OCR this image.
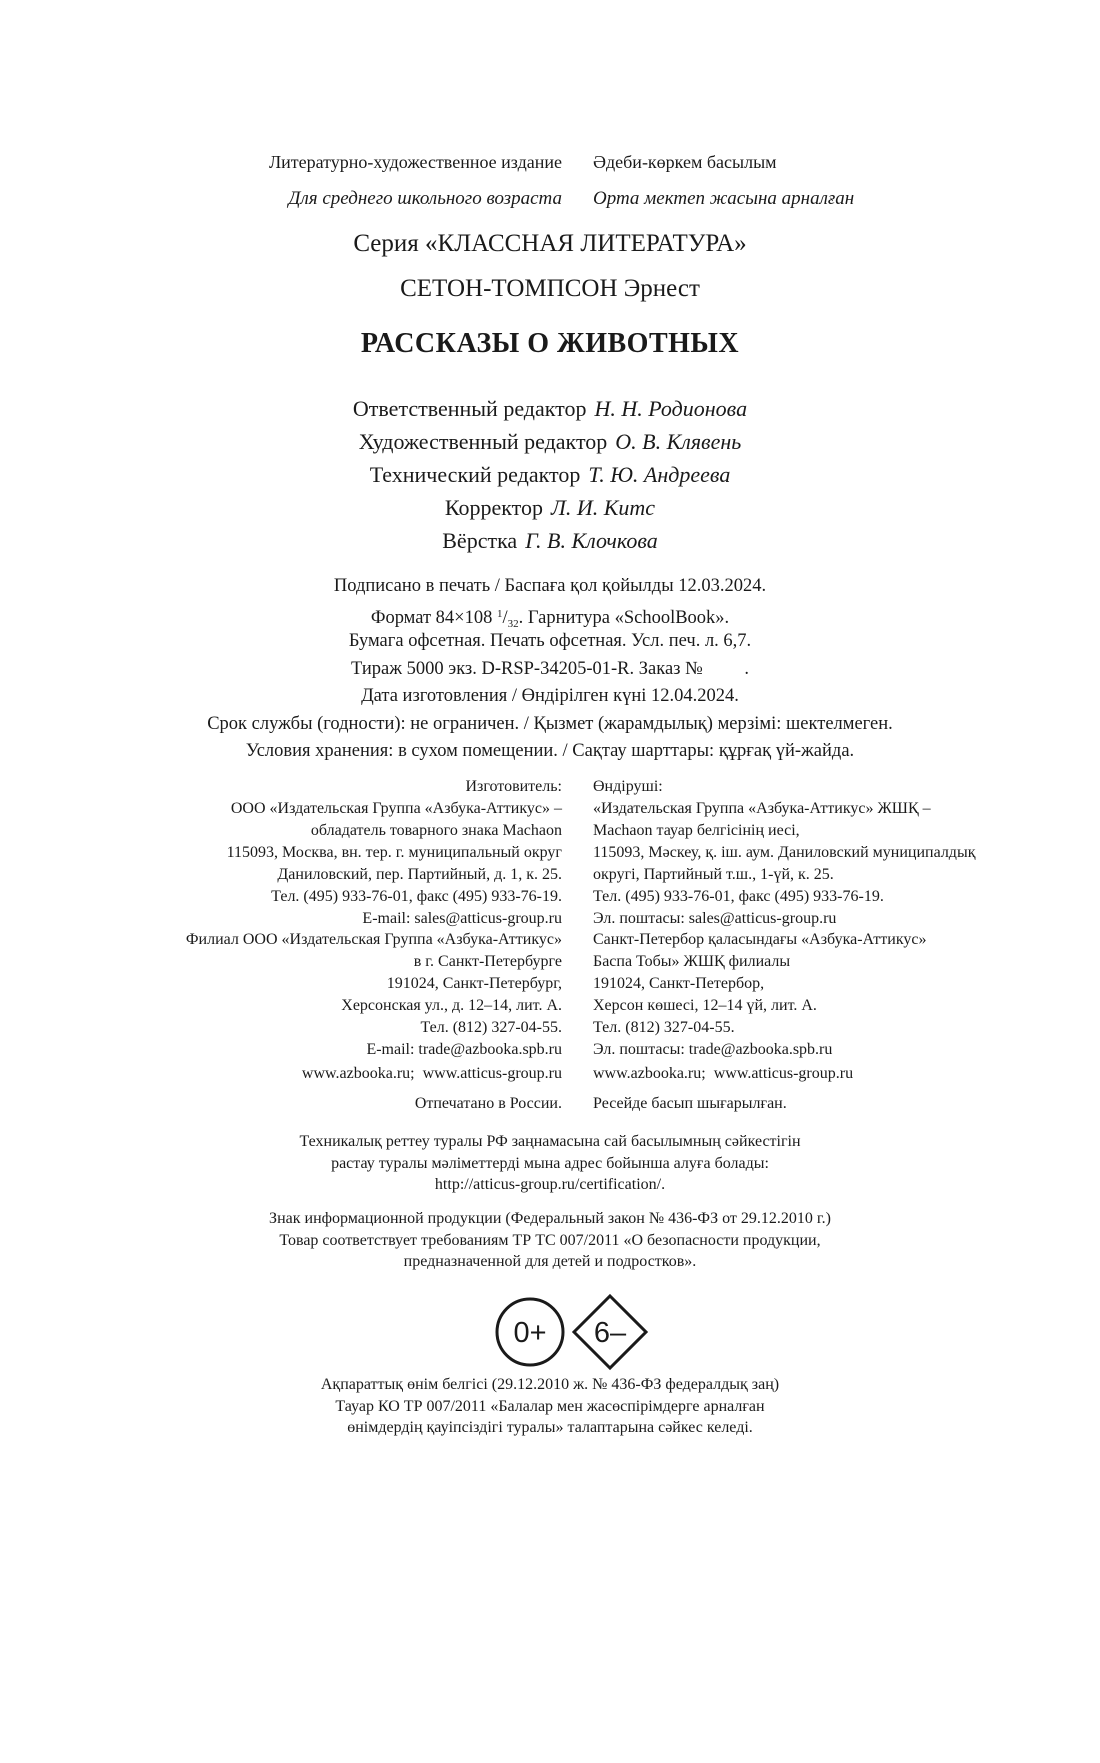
Литературно-художественное издание Әдеби-көркем басылым
Для среднего школьного возраста Орта мектеп жасына арналған
Серия «КЛАССНАЯ ЛИТЕРАТУРА»
СЕТОН-ТОМПСОН Эрнест
РАССКАЗЫ О ЖИВОТНЫХ
Ответственный редактор Н. Н. Родионова
Художественный редактор О. В. Клявень
Технический редактор Т. Ю. Андреева
Корректор Л. И. Китс
Вёрстка Г. В. Клочкова
Подписано в печать / Баспаға қол қойылды 12.03.2024.
Формат 84×108 $^1/_{32}$. Гарнитура «SchoolBook».
Бумага офсетная. Печать офсетная. Усл. печ. л. 6,7.
Тираж 5000 экз. D-RSP-34205-01-R. Заказ №         .
Дата изготовления / Өндірілген күні 12.04.2024.
Срок службы (годности): не ограничен. / Қызмет (жарамдылық) мерзімі: шектелмеген.
Условия хранения: в сухом помещении. / Сақтау шарттары: құрғақ үй-жайда.
Изготовитель:
ООО «Издательская Группа «Азбука-Аттикус» –
обладатель товарного знака Machaon
115093, Москва, вн. тер. г. муниципальный округ
Даниловский, пер. Партийный, д. 1, к. 25.
Тел. (495) 933-76-01, факс (495) 933-76-19.
E-mail: sales@atticus-group.ru
Өндіруші:
«Издательская Группа «Азбука-Аттикус» ЖШҚ –
Machaon тауар белгісінің иесі,
115093, Мәскеу, қ. іш. аум. Даниловский муниципалдық
округі, Партийный т.ш., 1-үй, к. 25.
Тел. (495) 933-76-01, факс (495) 933-76-19.
Эл. поштасы: sales@atticus-group.ru
Филиал ООО «Издательская Группа «Азбука-Аттикус»
в г. Санкт-Петербурге
191024, Санкт-Петербург,
Херсонская ул., д. 12–14, лит. А.
Тел. (812) 327-04-55.
E-mail: trade@azbooka.spb.ru
Санкт-Петербор қаласындағы «Азбука-Аттикус»
Баспа Тобы» ЖШҚ филиалы
191024, Санкт-Петербор,
Херсон көшесі, 12–14 үй, лит. А.
Тел. (812) 327-04-55.
Эл. поштасы: trade@azbooka.spb.ru
www.azbooka.ru;  www.atticus-group.ru www.azbooka.ru;  www.atticus-group.ru
Отпечатано в России. Ресейде басып шығарылған.
Техникалық реттеу туралы РФ заңнамасына сай басылымның сәйкестігін
растау туралы мәліметтерді мына адрес бойынша алуға болады:
http://atticus-group.ru/certification/.
Знак информационной продукции (Федеральный закон № 436-ФЗ от 29.12.2010 г.)
Товар соответствует требованиям ТР ТС 007/2011 «О безопасности продукции,
предназначенной для детей и подростков».
0+ 6–
Ақпараттық өнім белгісі (29.12.2010 ж. № 436-ФЗ федералдық заң)
Тауар КО ТР 007/2011 «Балалар мен жасөспірімдерге арналған
өнімдердің қауіпсіздігі туралы» талаптарына сәйкес келеді.
